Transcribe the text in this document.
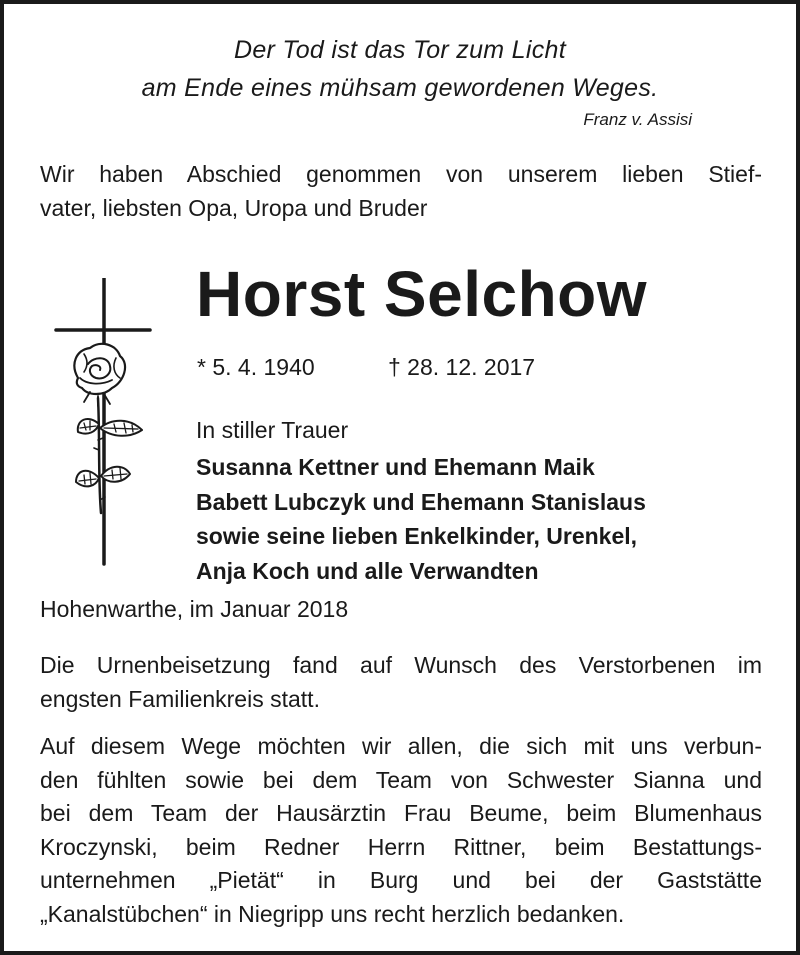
Der Tod ist das Tor zum Licht
am Ende eines mühsam gewordenen Weges.
Franz v. Assisi
Wir haben Abschied genommen von unserem lieben Stief-
vater, liebsten Opa, Uropa und Bruder
Horst Selchow
* 5. 4. 1940	† 28. 12. 2017
In stiller Trauer
Susanna Kettner und Ehemann Maik
Babett Lubczyk und Ehemann Stanislaus
sowie seine lieben Enkelkinder, Urenkel,
Anja Koch und alle Verwandten
Hohenwarthe, im Januar 2018
Die Urnenbeisetzung fand auf Wunsch des Verstorbenen im
engsten Familienkreis statt.
Auf diesem Wege möchten wir allen, die sich mit uns verbun-
den fühlten sowie bei dem Team von Schwester Sianna und
bei dem Team der Hausärztin Frau Beume, beim Blumenhaus
Kroczynski, beim Redner Herrn Rittner, beim Bestattungs-
unternehmen „Pietät“ in Burg und bei der Gaststätte
„Kanalstübchen“ in Niegripp uns recht herzlich bedanken.
